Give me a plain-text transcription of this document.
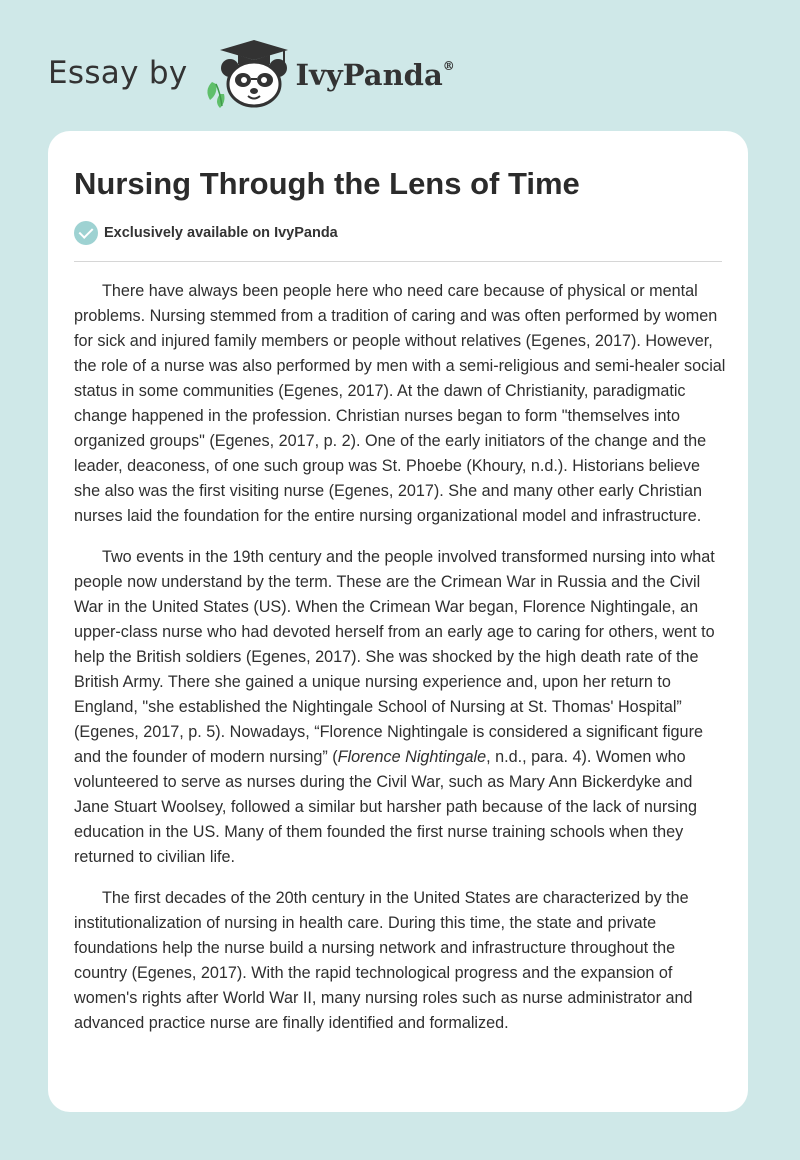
Essay by	IvyPanda®
Nursing Through the Lens of Time
Exclusively available on IvyPanda

There have always been people here who need care because of physical or mental problems. Nursing stemmed from a tradition of caring and was often performed by women for sick and injured family members or people without relatives (Egenes, 2017). However, the role of a nurse was also performed by men with a semi-religious and semi-healer social status in some communities (Egenes, 2017). At the dawn of Christianity, paradigmatic change happened in the profession. Christian nurses began to form "themselves into organized groups" (Egenes, 2017, p. 2). One of the early initiators of the change and the leader, deaconess, of one such group was St. Phoebe (Khoury, n.d.). Historians believe she also was the first visiting nurse (Egenes, 2017). She and many other early Christian nurses laid the foundation for the entire nursing organizational model and infrastructure.

Two events in the 19th century and the people involved transformed nursing into what people now understand by the term. These are the Crimean War in Russia and the Civil War in the United States (US). When the Crimean War began, Florence Nightingale, an upper-class nurse who had devoted herself from an early age to caring for others, went to help the British soldiers (Egenes, 2017). She was shocked by the high death rate of the British Army. There she gained a unique nursing experience and, upon her return to England, "she established the Nightingale School of Nursing at St. Thomas' Hospital” (Egenes, 2017, p. 5). Nowadays, “Florence Nightingale is considered a significant figure and the founder of modern nursing” (Florence Nightingale, n.d., para. 4). Women who volunteered to serve as nurses during the Civil War, such as Mary Ann Bickerdyke and Jane Stuart Woolsey, followed a similar but harsher path because of the lack of nursing education in the US. Many of them founded the first nurse training schools when they returned to civilian life.

The first decades of the 20th century in the United States are characterized by the institutionalization of nursing in health care. During this time, the state and private foundations help the nurse build a nursing network and infrastructure throughout the country (Egenes, 2017). With the rapid technological progress and the expansion of women's rights after World War II, many nursing roles such as nurse administrator and advanced practice nurse are finally identified and formalized.
